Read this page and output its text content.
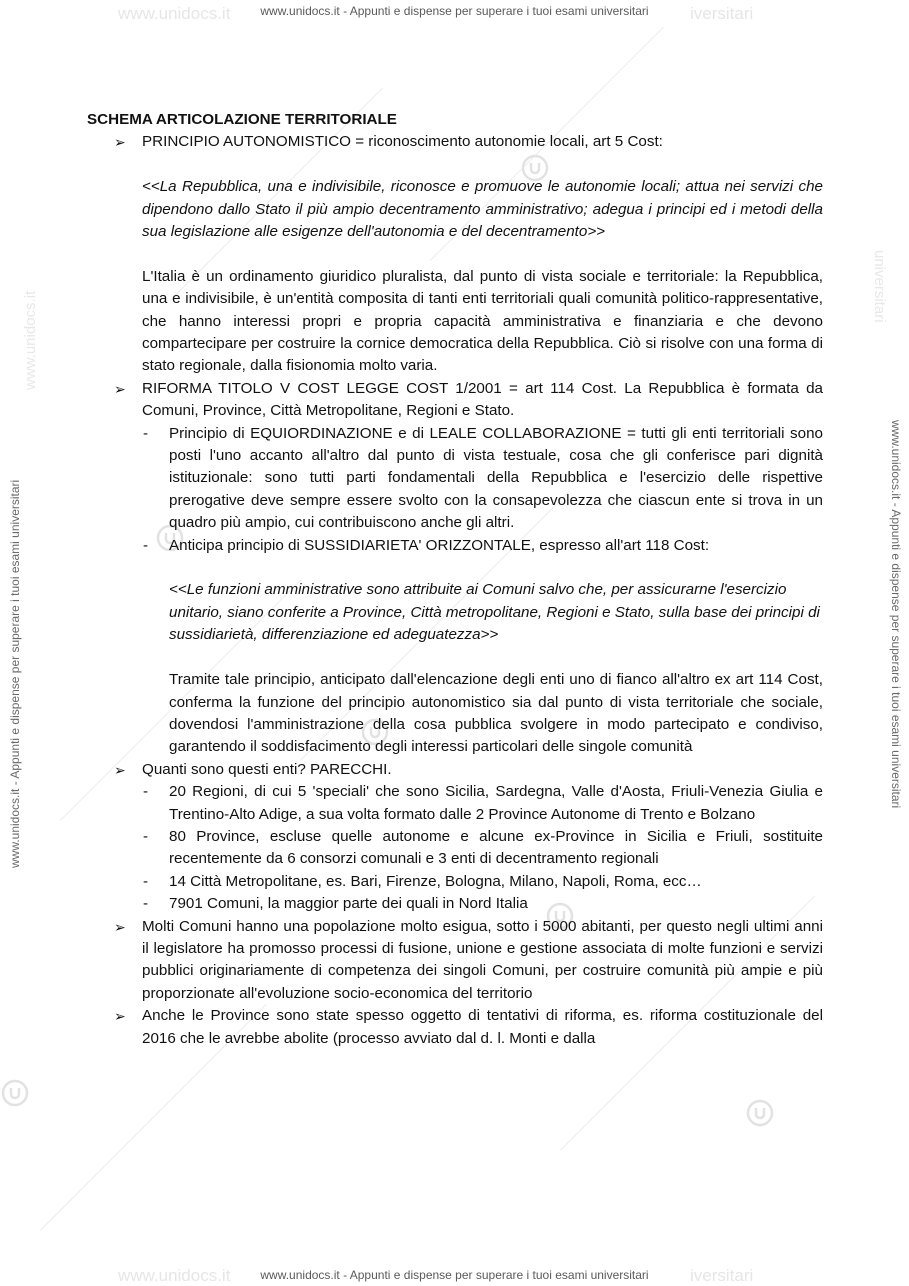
www.unidocs.it	iversitari
www.unidocs.it	iversitari
www.unidocs.it - Appunti e dispense per superare i tuoi esami universitari
www.unidocs.it - Appunti e dispense per superare i tuoi esami universitari
www.unidocs.it - Appunti e dispense per superare i tuoi esami universitari	www.unidocs.it - Appunti e dispense per superare i tuoi esami universitari
www.unidocs.it
universitari

SCHEMA ARTICOLAZIONE TERRITORIALE

➢ PRINCIPIO AUTONOMISTICO = riconoscimento autonomie locali, art 5 Cost:

<<La Repubblica, una e indivisibile, riconosce e promuove le autonomie locali; attua nei servizi che dipendono dallo Stato il più ampio decentramento amministrativo; adegua i principi ed i metodi della sua legislazione alle esigenze dell'autonomia e del decentramento>>

L'Italia è un ordinamento giuridico pluralista, dal punto di vista sociale e territoriale: la Repubblica, una e indivisibile, è un'entità composita di tanti enti territoriali quali comunità politico-rappresentative, che hanno interessi propri e propria capacità amministrativa e finanziaria e che devono compartecipare per costruire la cornice democratica della Repubblica. Ciò si risolve con una forma di stato regionale, dalla fisionomia molto varia.

➢ RIFORMA TITOLO V COST LEGGE COST 1/2001 = art 114 Cost. La Repubblica è formata da Comuni, Province, Città Metropolitane, Regioni e Stato.
- Principio di EQUIORDINAZIONE e di LEALE COLLABORAZIONE = tutti gli enti territoriali sono posti l'uno accanto all'altro dal punto di vista testuale, cosa che gli conferisce pari dignità istituzionale: sono tutti parti fondamentali della Repubblica e l'esercizio delle rispettive prerogative deve sempre essere svolto con la consapevolezza che ciascun ente si trova in un quadro più ampio, cui contribuiscono anche gli altri.
- Anticipa principio di SUSSIDIARIETA' ORIZZONTALE, espresso all'art 118 Cost:

<<Le funzioni amministrative sono attribuite ai Comuni salvo che, per assicurarne l'esercizio unitario, siano conferite a Province, Città metropolitane, Regioni e Stato, sulla base dei principi di sussidiarietà, differenziazione ed adeguatezza>>

Tramite tale principio, anticipato dall'elencazione degli enti uno di fianco all'altro ex art 114 Cost, conferma la funzione del principio autonomistico sia dal punto di vista territoriale che sociale, dovendosi l'amministrazione della cosa pubblica svolgere in modo partecipato e condiviso, garantendo il soddisfacimento degli interessi particolari delle singole comunità

➢ Quanti sono questi enti? PARECCHI.
- 20 Regioni, di cui 5 'speciali' che sono Sicilia, Sardegna, Valle d'Aosta, Friuli-Venezia Giulia e Trentino-Alto Adige, a sua volta formato dalle 2 Province Autonome di Trento e Bolzano
- 80 Province, escluse quelle autonome e alcune ex-Province in Sicilia e Friuli, sostituite recentemente da 6 consorzi comunali e 3 enti di decentramento regionali
- 14 Città Metropolitane, es. Bari, Firenze, Bologna, Milano, Napoli, Roma, ecc…
- 7901 Comuni, la maggior parte dei quali in Nord Italia
➢ Molti Comuni hanno una popolazione molto esigua, sotto i 5000 abitanti, per questo negli ultimi anni il legislatore ha promosso processi di fusione, unione e gestione associata di molte funzioni e servizi pubblici originariamente di competenza dei singoli Comuni, per costruire comunità più ampie e più proporzionate all'evoluzione socio-economica del territorio
➢ Anche le Province sono state spesso oggetto di tentativi di riforma, es. riforma costituzionale del 2016 che le avrebbe abolite (processo avviato dal d. l. Monti e dalla
